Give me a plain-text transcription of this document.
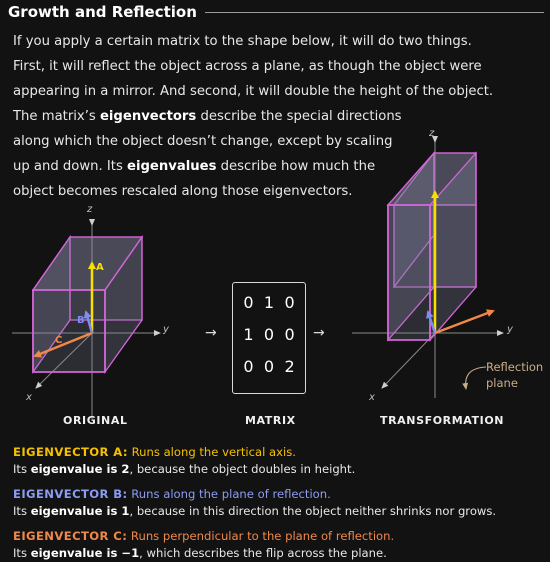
Growth and Reflection

If you apply a certain matrix to the shape below, it will do two things.

First, it will reflect the object across a plane, as though the object were

appearing in a mirror. And second, it will double the height of the object.

The matrix’s eigenvectors describe the special directions

along which the object doesn’t change, except by scaling

up and down. Its eigenvalues describe how much the

object becomes rescaled along those eigenvectors.

z
y
x
z
y
x
A
B
C	→	→
0 1 0
1 0 0
0 0 2	Reflection
plane
ORIGINAL	MATRIX	TRANSFORMATION
EIGENVECTOR A: Runs along the vertical axis.
Its eigenvalue is 2, because the object doubles in height.
EIGENVECTOR B: Runs along the plane of reflection.
Its eigenvalue is 1, because in this direction the object neither shrinks nor grows.
EIGENVECTOR C: Runs perpendicular to the plane of reflection.
Its eigenvalue is −1, which describes the flip across the plane.
